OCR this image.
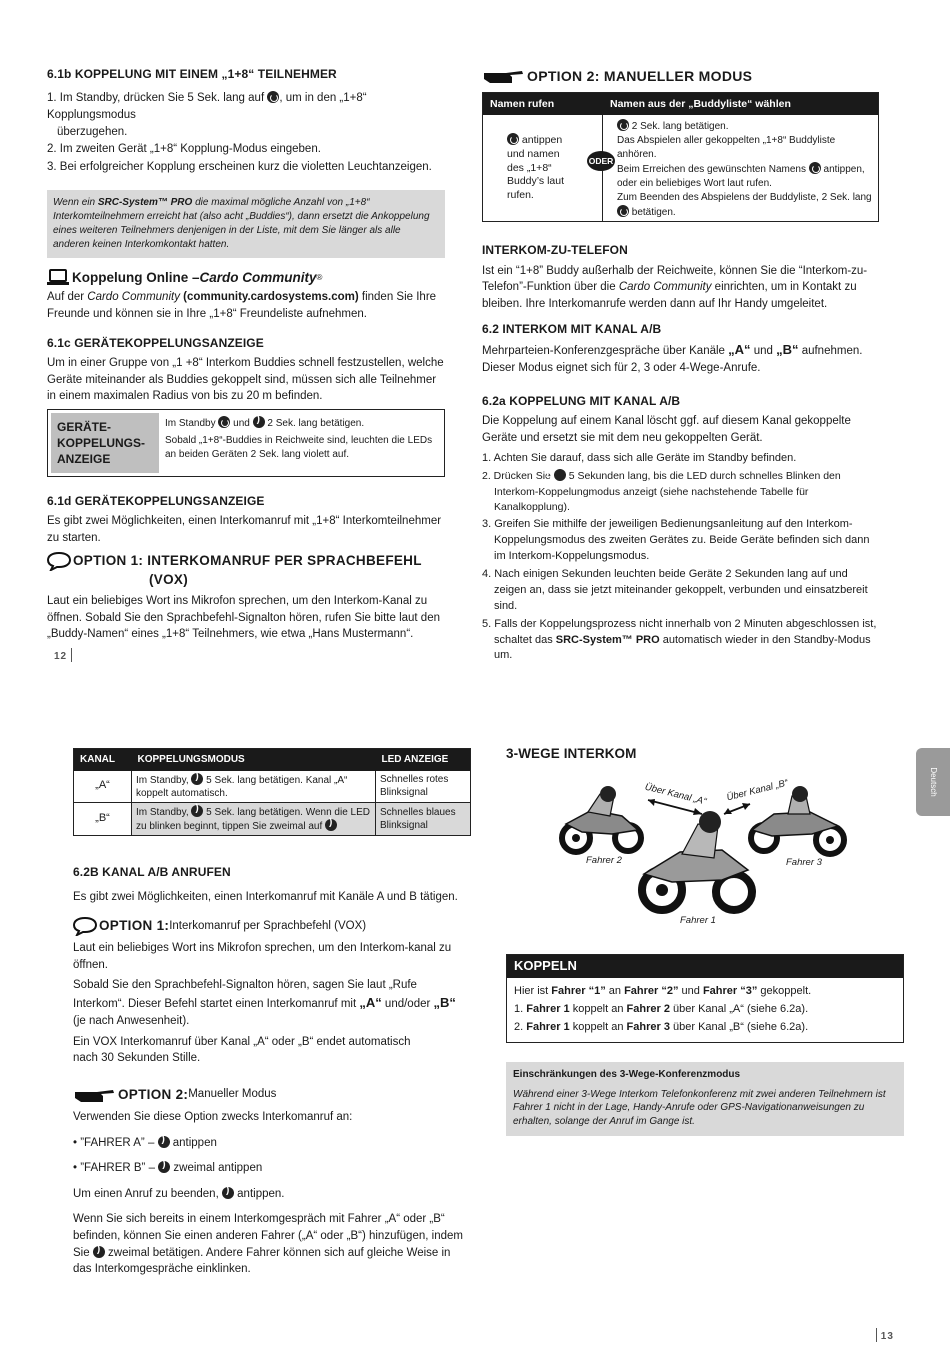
6.1b KOPPELUNG MIT EINEM „1+8“ TEILNEHMER

1. Im Standby, drücken Sie 5 Sek. lang auf , um in den „1+8“ Kopplungsmodus

überzugehen.

2. Im zweiten Gerät „1+8“ Kopplung-Modus eingeben.

3. Bei erfolgreicher Kopplung erscheinen kurz die violetten Leuchtanzeigen.

Wenn ein SRC-System™ PRO die maximal mögliche Anzahl von „1+8“ Interkomteilnehmern erreicht hat (also acht „Buddies“), dann ersetzt die Ankoppelung eines weiteren Teilnehmers denjenigen in der Liste, mit dem Sie länger als alle anderen keinen Interkomkontakt hatten.
Koppelung Online – Cardo Community ®

Auf der Cardo Community (community.cardosystems.com) finden Sie Ihre

Freunde und können sie in Ihre „1+8“ Freundeliste aufnehmen.

6.1c GERÄTEKOPPELUNGSANZEIGE

Um in einer Gruppe von „1 +8“ Interkom Buddies schnell festzustellen, welche Geräte miteinander als Buddies gekoppelt sind, müssen sich alle Teilnehmer in einem maximalen Radius von bis zu 20 m befinden.

GERÄTE-KOPPELUNGS-ANZEIGE

Im Standby  und ) 2 Sek. lang betätigen.

Sobald „1+8“-Buddies in Reichweite sind, leuchten die LEDs an beiden Geräten 2 Sek. lang violett auf.

6.1d GERÄTEKOPPELUNGSANZEIGE

Es gibt zwei Möglichkeiten, einen Interkomanruf mit „1+8“ Interkomteilnehmer zu starten.

OPTION 1: INTERKOMANRUF PER SPRACHBEFEHL
(VOX)

Laut ein beliebiges Wort ins Mikrofon sprechen, um den Interkom-Kanal zu öffnen. Sobald Sie den Sprachbefehl-Signalton hören, rufen Sie bitte laut den „Buddy-Namen“ eines „1+8“ Teilnehmers, wie etwa „Hans Mustermann“.

12
OPTION 2: MANUELLER MODUS
Namen rufen	Namen aus der „Buddyliste“ wählen
antippen und namen des „1+8“ Buddy’s laut rufen.
ODER

2 Sek. lang betätigen.

Das Abspielen aller gekoppelten „1+8“ Buddyliste anhören.

Beim Erreichen des gewünschten Namens  antippen,

oder ein beliebiges Wort laut rufen.

Zum Beenden des Abspielens der Buddyliste, 2 Sek. lang

betätigen.

INTERKOM-ZU-TELEFON

Ist ein “1+8” Buddy außerhalb der Reichweite, können Sie die “Interkom-zu-Telefon”-Funktion über die Cardo Community einrichten, um in Kontakt zu bleiben. Ihre Interkomanrufe werden dann auf Ihr Handy umgeleitet.

6.2 INTERKOM MIT KANAL A/B

Mehrparteien-Konferenzgespräche über Kanäle „A“ und „B“ aufnehmen.

Dieser Modus eignet sich für 2, 3 oder 4-Wege-Anrufe.

6.2a KOPPELUNG MIT KANAL A/B

Die Koppelung auf einem Kanal löscht ggf. auf diesem Kanal gekoppelte Geräte und ersetzt sie mit dem neu gekoppelten Gerät.

1. Achten Sie darauf, dass sich alle Geräte im Standby befinden.

2. Drücken Sie ) 5 Sekunden lang, bis die LED durch schnelles Blinken den Interkom-Koppelungmodus anzeigt (siehe nachstehende Tabelle für Kanalkopplung).

3. Greifen Sie mithilfe der jeweiligen Bedienungsanleitung auf den Interkom-Koppelungsmodus des zweiten Gerätes zu. Beide Geräte befinden sich dann im Interkom-Koppelungsmodus.

4. Nach einigen Sekunden leuchten beide Geräte 2 Sekunden lang auf und zeigen an, dass sie jetzt miteinander gekoppelt, verbunden und einsatzbereit sind.

5. Falls der Koppelungsprozess nicht innerhalb von 2 Minuten abgeschlossen ist, schaltet das SRC-System™ PRO automatisch wieder in den Standby-Modus um.

KANAL	KOPPELUNGSMODUS	LED ANZEIGE
„A“	Im Standby, ) 5 Sek. lang betätigen. Kanal „A“ koppelt automatisch.	Schnelles rotes Blinksignal
„B“	Im Standby, ) 5 Sek. lang betätigen. Wenn die LED zu blinken beginnt, tippen Sie zweimal auf )	Schnelles blaues Blinksignal
6.2B KANAL A/B ANRUFEN

Es gibt zwei Möglichkeiten, einen Interkomanruf mit Kanäle A und B tätigen.

OPTION 1: Interkomanruf per Sprachbefehl (VOX)

Laut ein beliebiges Wort ins Mikrofon sprechen, um den Interkom-kanal zu öffnen.

Sobald Sie den Sprachbefehl-Signalton hören, sagen Sie laut „Rufe Interkom“. Dieser Befehl startet einen Interkomanruf mit „A“ und/oder „B“ (je nach Anwesenheit).

Ein VOX Interkomanruf über Kanal „A“ oder „B“ endet automatisch nach 30 Sekunden Stille.

OPTION 2: Manueller Modus

Verwenden Sie diese Option zwecks Interkomanruf an:

• ”FAHRER A” – ) antippen

• ”FAHRER B” – ) zweimal antippen

Um einen Anruf zu beenden, ) antippen.

Wenn Sie sich bereits in einem Interkomgespräch mit Fahrer „A“ oder „B“ befinden, können Sie einen anderen Fahrer („A“ oder „B“) hinzufügen, indem Sie ) zweimal betätigen. Andere Fahrer können sich auf gleiche Weise in das Interkomgespräche einklinken.

3-WEGE INTERKOM
Über Kanal „A“ Über Kanal „B“
Fahrer 2	Fahrer 3
Fahrer 1
KOPPELN

Hier ist Fahrer “1” an Fahrer “2” und Fahrer “3” gekoppelt.

1. Fahrer 1 koppelt an Fahrer 2 über Kanal „A“ (siehe 6.2a).

2. Fahrer 1 koppelt an Fahrer 3 über Kanal „B“ (siehe 6.2a).

Einschränkungen des 3-Wege-Konferenzmodus

Während einer 3-Wege Interkom Telefonkonferenz mit zwei anderen Teilnehmern ist Fahrer 1 nicht in der Lage, Handy-Anrufe oder GPS-Navigationanweisungen zu erhalten, solange der Anruf im Gange ist.

13
Deutsch
